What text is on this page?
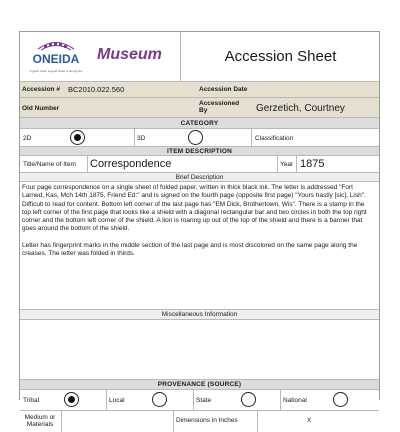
ONEIDA
A good mind, a good heart, a strong fire
Museum	Accession Sheet
Accession # BC2010.022.560	Accession Date
Old Number
Accessioned By	Gerzetich, Courtney
CATEGORY
2D	3D	Classification
ITEM DESCRIPTION
Title/Name of Item Correspondence	Year 1875
Brief Description

Four page correspondence on a single sheet of folded paper, written in thick black ink. The letter is addressed "Fort Larned, Kas, Mch 14th 1875, Friend Ed:" and is signed on the fourth page (opposite first page) "Yours hastly [sic], Lish". Difficult to read for content. Bottom left corner of the last page has "EM Dick, Brothertown, Wis". There is a stamp in the top left corner of the first page that looks like a shield with a diagonal rectangular bar and two circles in both the top right corner and the bottom left corner of the shield. A lion is roaring up out of the top of the shield and there is a banner that goes around the bottom of the shield.

Letter has fingerprint marks in the middle section of the last page and is most discolored on the same page along the creases. The letter was folded in thirds.

Miscellaneous Information
PROVENANCE (SOURCE)
Tribal	Local	State	National
Medium or Materials
Dimensions in Inches	X
